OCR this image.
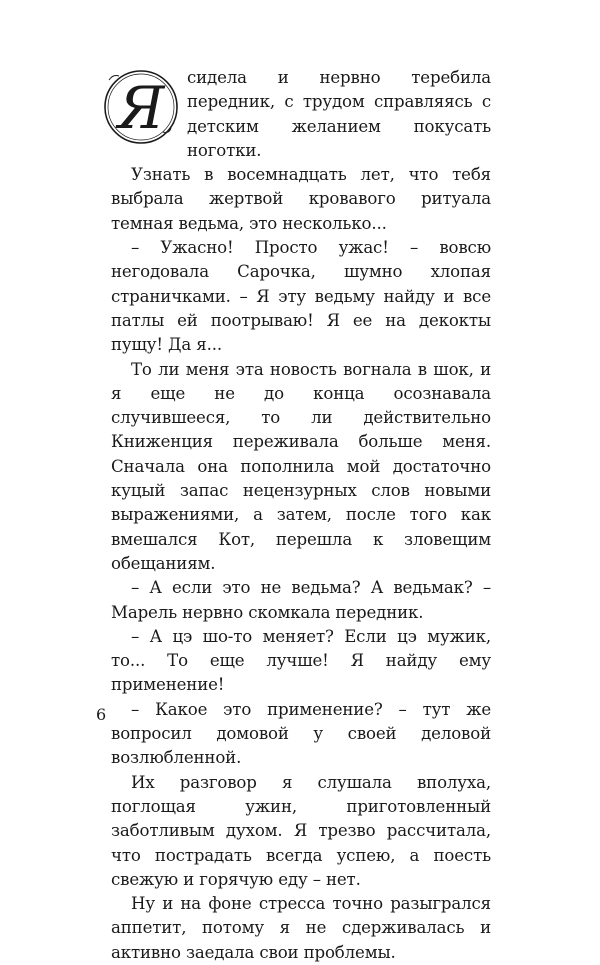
Я	сидела и нервно теребила передник, с трудом справляясь с детским желанием покусать ноготки.

Узнать в восемнадцать лет, что тебя выбрала жертвой кровавого ритуала темная ведьма, это несколько...

– Ужасно! Просто ужас! – вовсю негодовала Сарочка, шумно хлопая страничками. – Я эту ведьму найду и все патлы ей поотрываю! Я ее на декокты пущу! Да я...

То ли меня эта новость вогнала в шок, и я еще не до конца осознавала случившееся, то ли действительно Книженция переживала больше меня. Сначала она пополнила мой достаточно куцый запас нецензурных слов новыми выражениями, а затем, после того как вмешался Кот, перешла к зловещим обещаниям.

– А если это не ведьма? А ведьмак? – Марель нервно скомкала передник.

– А цэ шо-то меняет? Если цэ мужик, то... То еще лучше! Я найду ему применение!

– Какое это применение? – тут же вопросил домовой у своей деловой возлюбленной.

Их разговор я слушала вполуха, поглощая ужин, приготовленный заботливым духом. Я трезво рассчитала, что пострадать всегда успею, а поесть свежую и горячую еду – нет.

Ну и на фоне стресса точно разыгрался аппетит, потому я не сдерживалась и активно заедала свои проблемы.

6
